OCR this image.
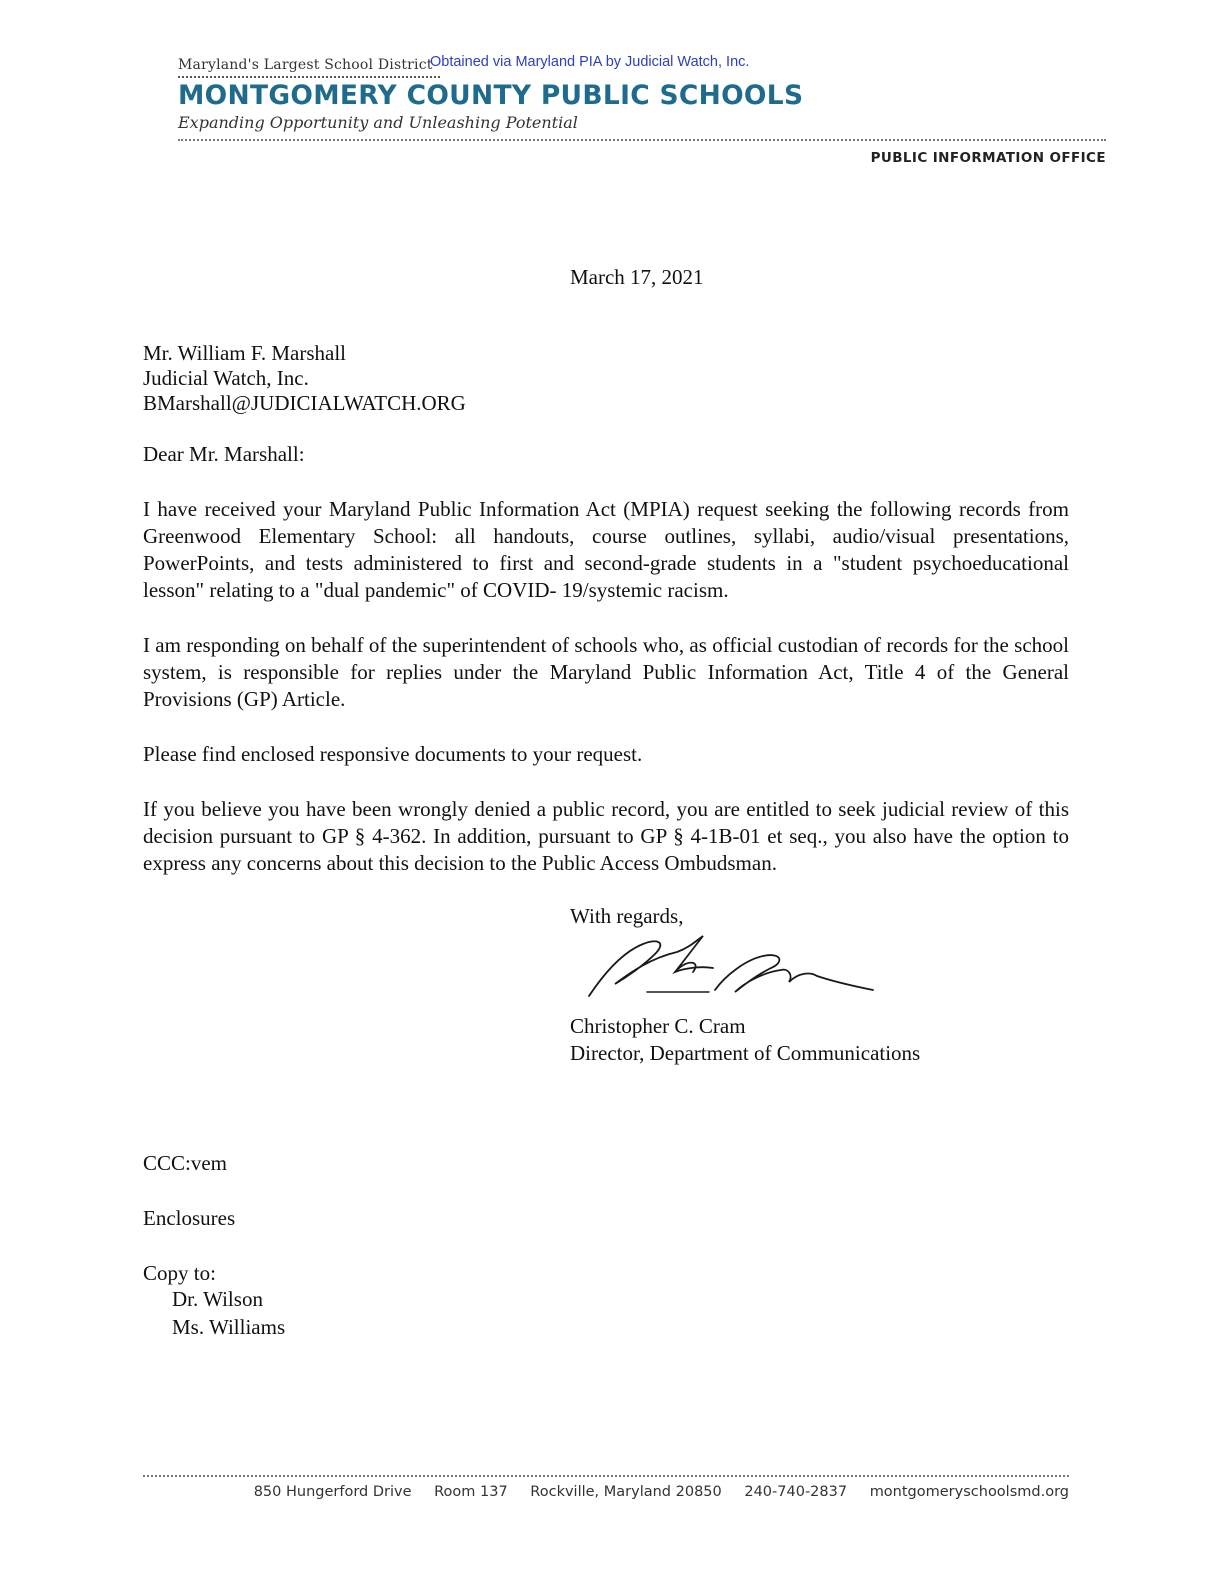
Maryland's Largest School District
Obtained via Maryland PIA by Judicial Watch, Inc.
MONTGOMERY COUNTY PUBLIC SCHOOLS
Expanding Opportunity and Unleashing Potential
PUBLIC INFORMATION OFFICE
March 17, 2021
Mr. William F. Marshall
Judicial Watch, Inc.
BMarshall@JUDICIALWATCH.ORG
Dear Mr. Marshall:
I have received your Maryland Public Information Act (MPIA) request seeking the following records from Greenwood Elementary School: all handouts, course outlines, syllabi, audio/visual presentations, PowerPoints, and tests administered to first and second-grade students in a "student psychoeducational lesson" relating to a "dual pandemic" of COVID- 19/systemic racism.
I am responding on behalf of the superintendent of schools who, as official custodian of records for the school system, is responsible for replies under the Maryland Public Information Act, Title 4 of the General Provisions (GP) Article.
Please find enclosed responsive documents to your request.
If you believe you have been wrongly denied a public record, you are entitled to seek judicial review of this decision pursuant to GP § 4-362. In addition, pursuant to GP § 4-1B-01 et seq., you also have the option to express any concerns about this decision to the Public Access Ombudsman.
With regards,
Christopher C. Cram
Director, Department of Communications
CCC:vem
Enclosures
Copy to:
Dr. Wilson
Ms. Williams
850 Hungerford Drive Room 137 Rockville, Maryland 20850 240-740-2837 montgomeryschoolsmd.org
